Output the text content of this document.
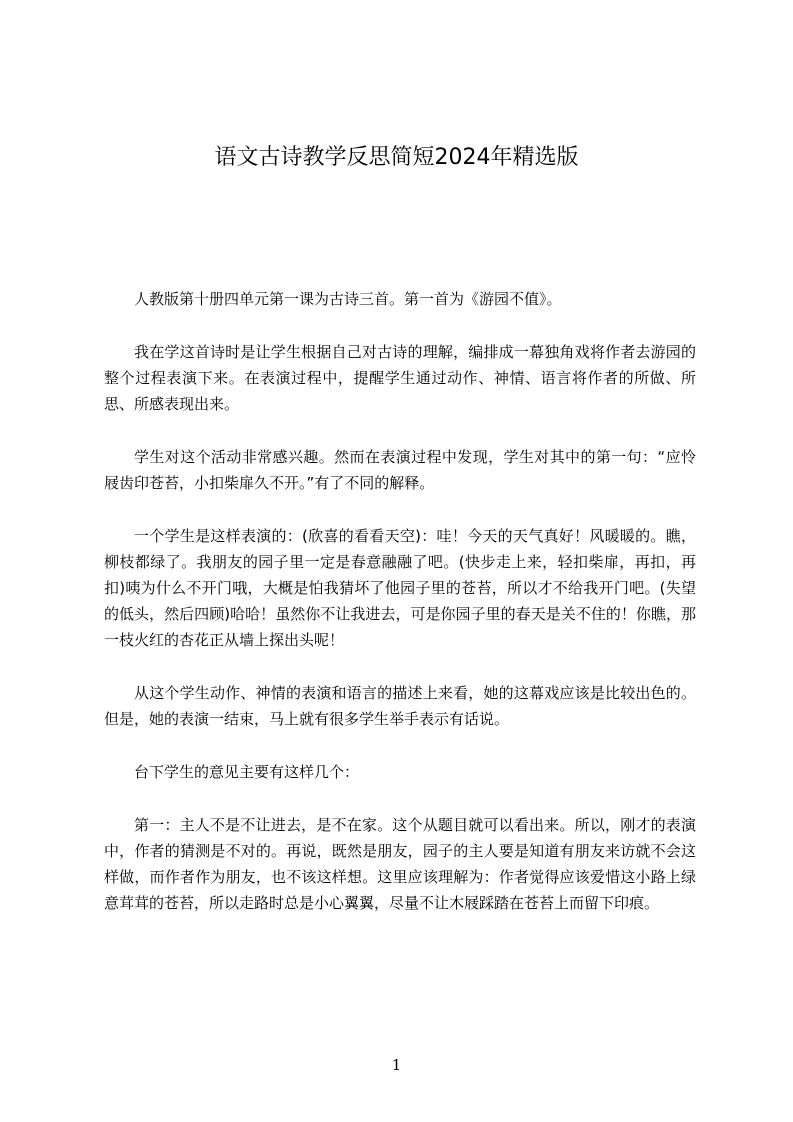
语文古诗教学反思简短2024年精选版

人教版第十册四单元第一课为古诗三首。第一首为《游园不值》。

我在学这首诗时是让学生根据自己对古诗的理解，编排成一幕独角戏将作者去游园的整个过程表演下来。在表演过程中，提醒学生通过动作、神情、语言将作者的所做、所思、所感表现出来。

学生对这个活动非常感兴趣。然而在表演过程中发现，学生对其中的第一句：“应怜屐齿印苍苔，小扣柴扉久不开。”有了不同的解释。

一个学生是这样表演的：(欣喜的看看天空)：哇！今天的天气真好！风暖暖的。瞧，柳枝都绿了。我朋友的园子里一定是春意融融了吧。(快步走上来，轻扣柴扉，再扣，再扣)咦为什么不开门哦，大概是怕我猜坏了他园子里的苍苔，所以才不给我开门吧。(失望的低头，然后四顾)哈哈！虽然你不让我进去，可是你园子里的春天是关不住的！你瞧，那一枝火红的杏花正从墙上探出头呢！

从这个学生动作、神情的表演和语言的描述上来看，她的这幕戏应该是比较出色的。但是，她的表演一结束，马上就有很多学生举手表示有话说。

台下学生的意见主要有这样几个：

第一：主人不是不让进去，是不在家。这个从题目就可以看出来。所以，刚才的表演中，作者的猜测是不对的。再说，既然是朋友，园子的主人要是知道有朋友来访就不会这样做，而作者作为朋友，也不该这样想。这里应该理解为：作者觉得应该爱惜这小路上绿意茸茸的苍苔，所以走路时总是小心翼翼，尽量不让木屐踩踏在苍苔上而留下印痕。

1
